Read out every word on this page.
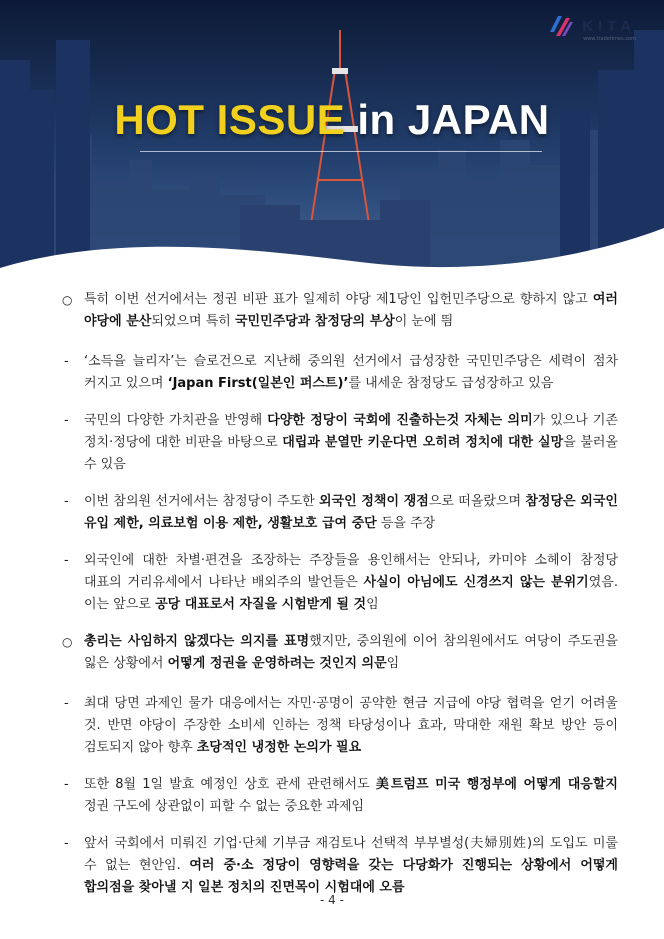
KITA
www.tradetimes.com
HOT ISSUE in JAPAN
○ 특히 이번 선거에서는 정권 비판 표가 일제히 야당 제1당인 입헌민주당으로 향하지 않고 여러 야당에 분산되었으며 특히 국민민주당과 참정당의 부상이 눈에 띔

- ‘소득을 늘리자’는 슬로건으로 지난해 중의원 선거에서 급성장한 국민민주당은 세력이 점차 커지고 있으며 ‘Japan First(일본인 퍼스트)’를 내세운 참정당도 급성장하고 있음

- 국민의 다양한 가치관을 반영해 다양한 정당이 국회에 진출하는것 자체는 의미가 있으나 기존 정치·정당에 대한 비판을 바탕으로 대립과 분열만 키운다면 오히려 정치에 대한 실망을 불러올 수 있음

- 이번 참의원 선거에서는 참정당이 주도한 외국인 정책이 쟁점으로 떠올랐으며 참정당은 외국인 유입 제한, 의료보험 이용 제한, 생활보호 급여 중단 등을 주장

- 외국인에 대한 차별·편견을 조장하는 주장들을 용인해서는 안되나, 카미야 소헤이 참정당 대표의 거리유세에서 나타난 배외주의 발언들은 사실이 아님에도 신경쓰지 않는 분위기였음. 이는 앞으로 공당 대표로서 자질을 시험받게 될 것임

○ 총리는 사임하지 않겠다는 의지를 표명했지만, 중의원에 이어 참의원에서도 여당이 주도권을 잃은 상황에서 어떻게 정권을 운영하려는 것인지 의문임

- 최대 당면 과제인 물가 대응에서는 자민·공명이 공약한 현금 지급에 야당 협력을 얻기 어려울 것. 반면 야당이 주장한 소비세 인하는 정책 타당성이나 효과, 막대한 재원 확보 방안 등이 검토되지 않아 향후 초당적인 냉정한 논의가 필요

- 또한 8월 1일 발효 예정인 상호 관세 관련해서도 美트럼프 미국 행정부에 어떻게 대응할지 정권 구도에 상관없이 피할 수 없는 중요한 과제임

- 앞서 국회에서 미뤄진 기업·단체 기부금 재검토나 선택적 부부별성(夫婦別姓)의 도입도 미룰 수 없는 현안임. 여러 중·소 정당이 영향력을 갖는 다당화가 진행되는 상황에서 어떻게 합의점을 찾아낼 지 일본 정치의 진면목이 시험대에 오름

- 4 -
